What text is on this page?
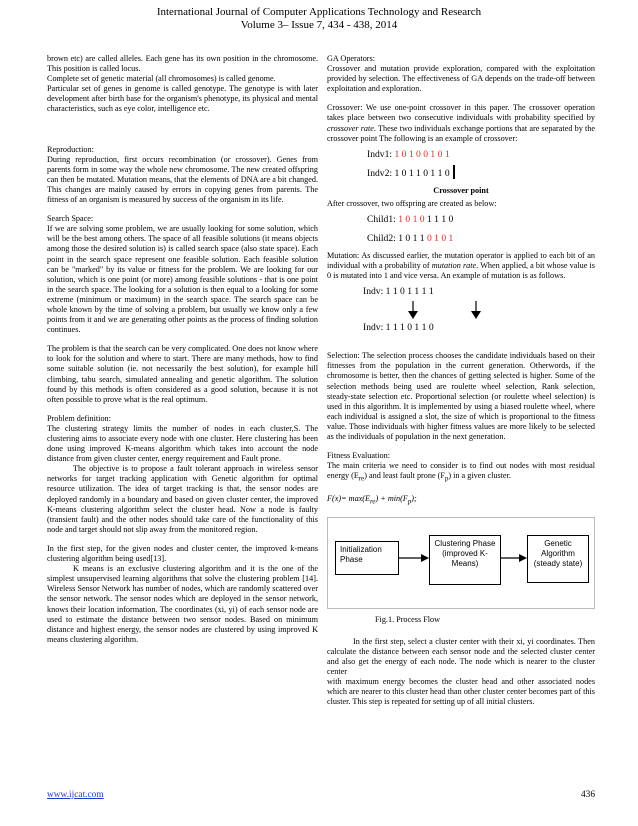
International Journal of Computer Applications Technology and Research
Volume 3– Issue 7, 434 - 438, 2014

brown etc) are called alleles. Each gene has its own position in the chromosome. This position is called locus.

Complete set of genetic material (all chromosomes) is called genome.

Particular set of genes in genome is called genotype. The genotype is with later development after birth base for the organism's phenotype, its physical and mental characteristics, such as eye color, intelligence etc.

Reproduction:

During reproduction, first occurs recombination (or crossover). Genes from parents form in some way the whole new chromosome. The new created offspring can then be mutated. Mutation means, that the elements of DNA are a bit changed. This changes are mainly caused by errors in copying genes from parents. The fitness of an organism is measured by success of the organism in its life.

Search Space:

If we are solving some problem, we are usually looking for some solution, which will be the best among others. The space of all feasible solutions (it means objects among those the desired solution is) is called search space (also state space). Each point in the search space represent one feasible solution. Each feasible solution can be "marked" by its value or fitness for the problem. We are looking for our solution, which is one point (or more) among feasible solutions - that is one point in the search space. The looking for a solution is then equal to a looking for some extreme (minimum or maximum) in the search space. The search space can be whole known by the time of solving a problem, but usually we know only a few points from it and we are generating other points as the process of finding solution continues.

The problem is that the search can be very complicated. One does not know where to look for the solution and where to start. There are many methods, how to find some suitable solution (ie. not necessarily the best solution), for example hill climbing, tabu search, simulated annealing and genetic algorithm. The solution found by this methods is often considered as a good solution, because it is not often possible to prove what is the real optimum.

Problem definition:

The clustering strategy limits the number of nodes in each cluster,S. The clustering aims to associate every node with one cluster. Here clustering has been done using improved K-means algorithm which takes into account the node distance from given cluster center, energy requirement and Fault prone.

The objective is to propose a fault tolerant approach in wireless sensor networks for target tracking application with Genetic algorithm for optimal resource utilization. The idea of target tracking is that, the sensor nodes are deployed randomly in a boundary and based on given cluster center, the improved K-means clustering algorithm select the cluster head. Now a node is faulty (transient fault) and the other nodes should take care of the functionality of this node and target should not slip away from the monitored region.

In the first step, for the given nodes and cluster center, the improved k-means clustering algorithm being used[13].

K means is an exclusive clustering algorithm and it is the one of the simplest unsupervised learning algorithms that solve the clustering problem [14]. Wireless Sensor Network has number of nodes, which are randomly scattered over the sensor network. The sensor nodes which are deployed in the sensor network, knows their location information. The coordinates (xi, yi) of each sensor node are used to estimate the distance between two sensor nodes. Based on minimum distance and highest energy, the sensor nodes are clustered by using improved K means clustering algorithm.

GA Operators:

Crossover and mutation provide exploration, compared with the exploitation provided by selection. The effectiveness of GA depends on the trade-off between exploitation and exploration.

Crossover: We use one-point crossover in this paper. The crossover operation takes place between two consecutive individuals with probability specified by crossover rate. These two individuals exchange portions that are separated by the crossover point The following is an example of crossover:

Indv1: 1 0 1 0 0 1 0 1
Indv2: 1 0 1 1 0 1 1 0
Crossover point

After crossover, two offspring are created as below:

Child1: 1 0 1 0 1 1 1 0
Child2: 1 0 1 1 0 1 0 1

Mutation: As discussed earlier, the mutation operator is applied to each bit of an individual with a probability of mutation rate. When applied, a bit whose value is 0 is mutated into 1 and vice versa. An example of mutation is as follows.

Indv: 1 1 0 1 1 1 1
Indv: 1 1 1 0 1 1 0

Selection: The selection process chooses the candidate individuals based on their fitnesses from the population in the current generation. Otherwords, if the chromosome is better, then the chances of getting selected is higher. Some of the selection methods being used are roulette wheel selection, Rank selection, steady-state selection etc. Proportional selection (or roulette wheel selection) is used in this algorithm. It is implemented by using a biased roulette wheel, where each individual is assigned a slot, the size of which is proportional to the fitness value. Those individuals with higher fitness values are more likely to be selected as the individuals of population in the next generation.

Fitness Evaluation:

The main criteria we need to consider is to find out nodes with most residual energy $(E_{re})$ and least fault prone $(F_p)$ in a given cluster.

$F(x)= \max(E_{re}) + \min(F_p)$;

Initialization
Phase
Clustering Phase
(improved K-
Means)
Genetic
Algorithm
(steady state)
Fig.1. Process Flow

In the first step, select a cluster center with their xi, yi coordinates. Then calculate the distance between each sensor node and the selected cluster center and also get the energy of each node. The node which is nearer to the cluster center

with maximum energy becomes the cluster head and other associated nodes which are nearer to this cluster head than other cluster center becomes part of this cluster. This step is repeated for setting up of all initial clusters.

www.ijcat.com	436
